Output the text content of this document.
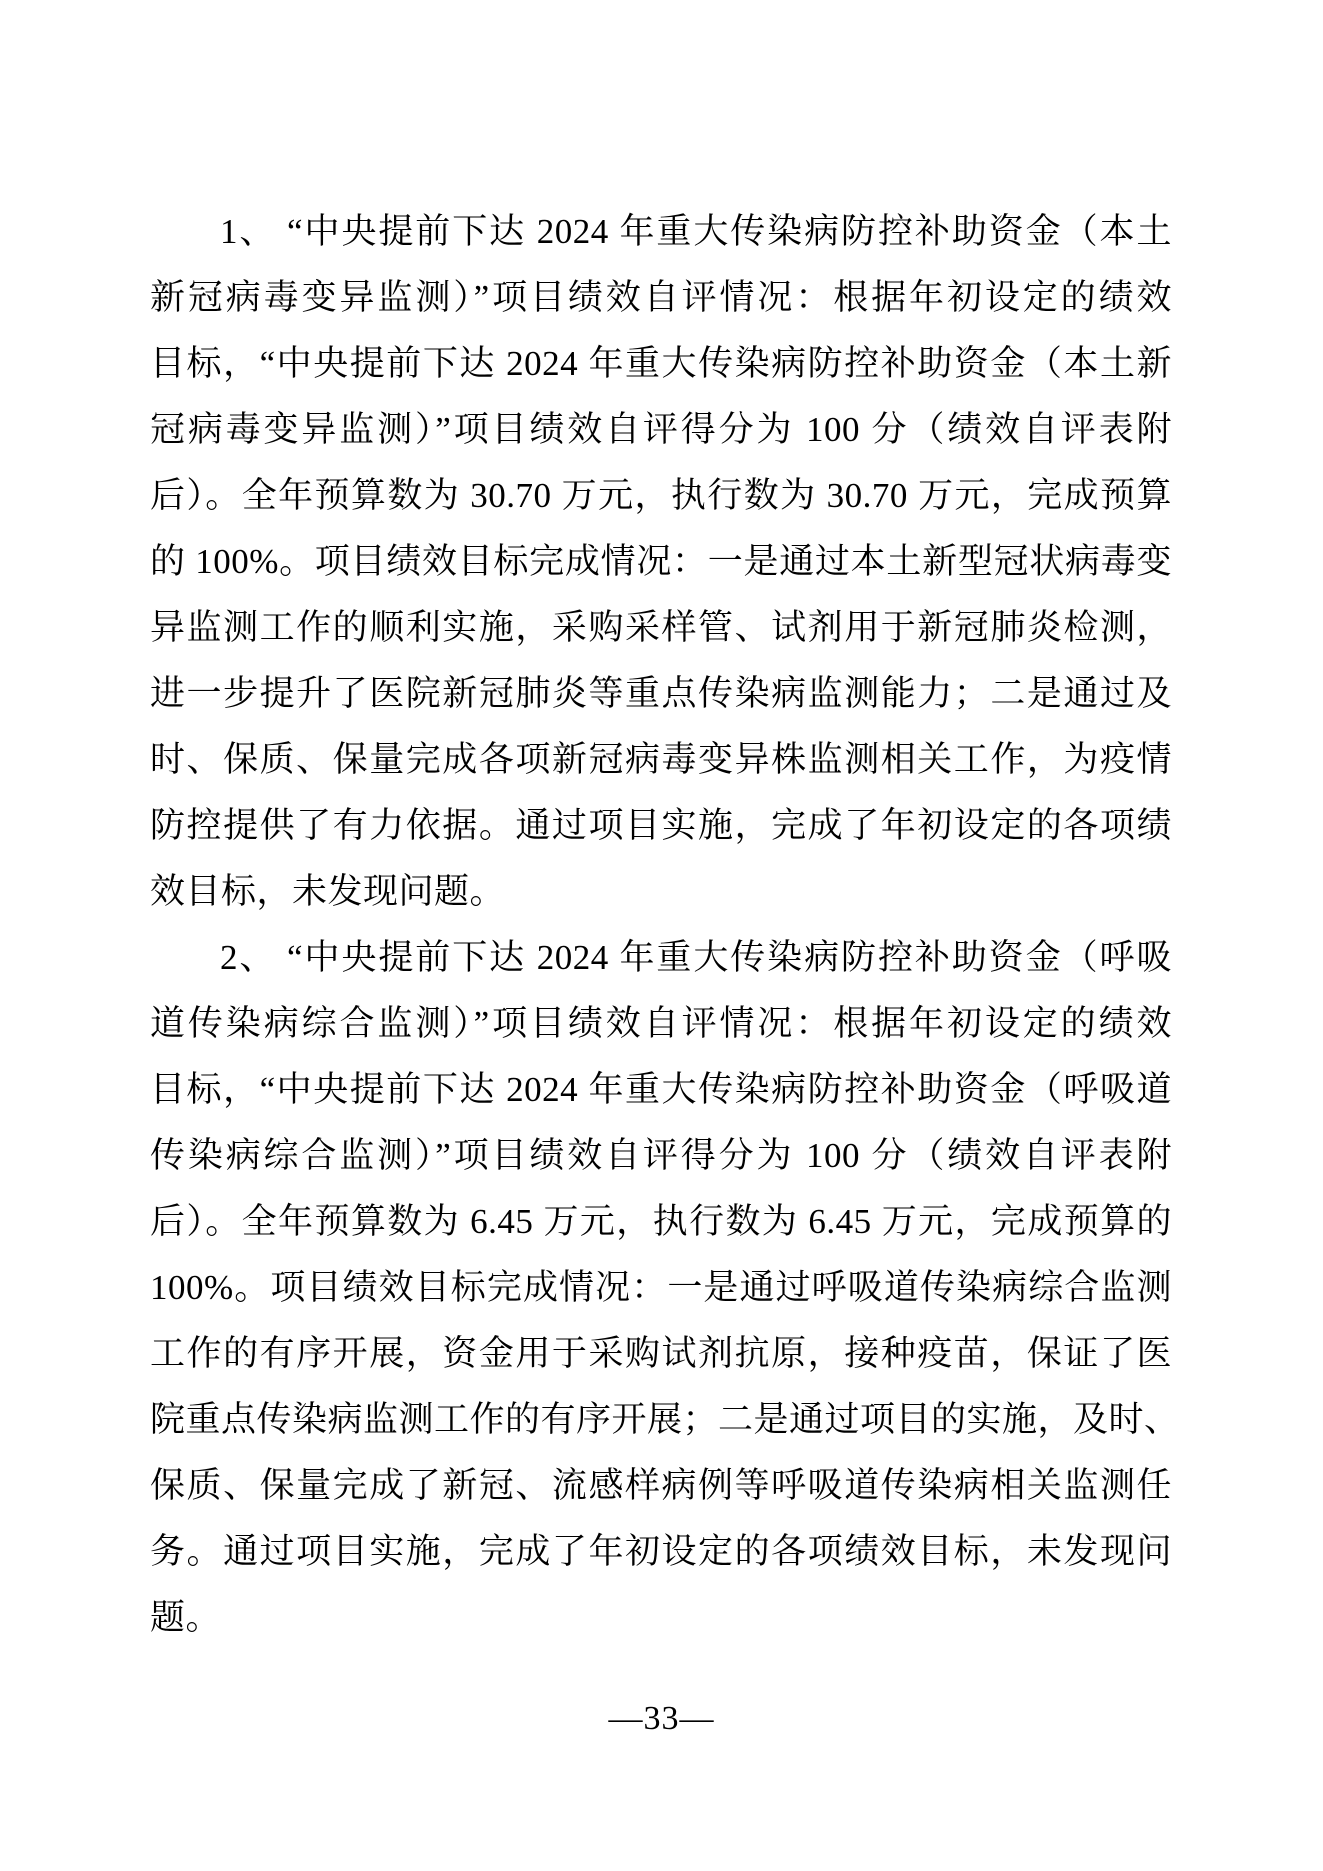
1、 “中央提前下达 2024 年重大传染病防控补助资金（本土
新冠病毒变异监测）”项目绩效自评情况：根据年初设定的绩效
目标，“中央提前下达 2024 年重大传染病防控补助资金（本土新
冠病毒变异监测）”项目绩效自评得分为 100 分（绩效自评表附
后）。全年预算数为 30.70 万元，执行数为 30.70 万元，完成预算
的 100%。项目绩效目标完成情况：一是通过本土新型冠状病毒变
异监测工作的顺利实施，采购采样管、试剂用于新冠肺炎检测，
进一步提升了医院新冠肺炎等重点传染病监测能力；二是通过及
时、保质、保量完成各项新冠病毒变异株监测相关工作，为疫情
防控提供了有力依据。通过项目实施，完成了年初设定的各项绩
效目标，未发现问题。
2、 “中央提前下达 2024 年重大传染病防控补助资金（呼吸
道传染病综合监测）”项目绩效自评情况：根据年初设定的绩效
目标，“中央提前下达 2024 年重大传染病防控补助资金（呼吸道
传染病综合监测）”项目绩效自评得分为 100 分（绩效自评表附
后）。全年预算数为 6.45 万元，执行数为 6.45 万元，完成预算的
100%。项目绩效目标完成情况：一是通过呼吸道传染病综合监测
工作的有序开展，资金用于采购试剂抗原，接种疫苗，保证了医
院重点传染病监测工作的有序开展；二是通过项目的实施，及时、
保质、保量完成了新冠、流感样病例等呼吸道传染病相关监测任
务。通过项目实施，完成了年初设定的各项绩效目标，未发现问
题。
—33—
